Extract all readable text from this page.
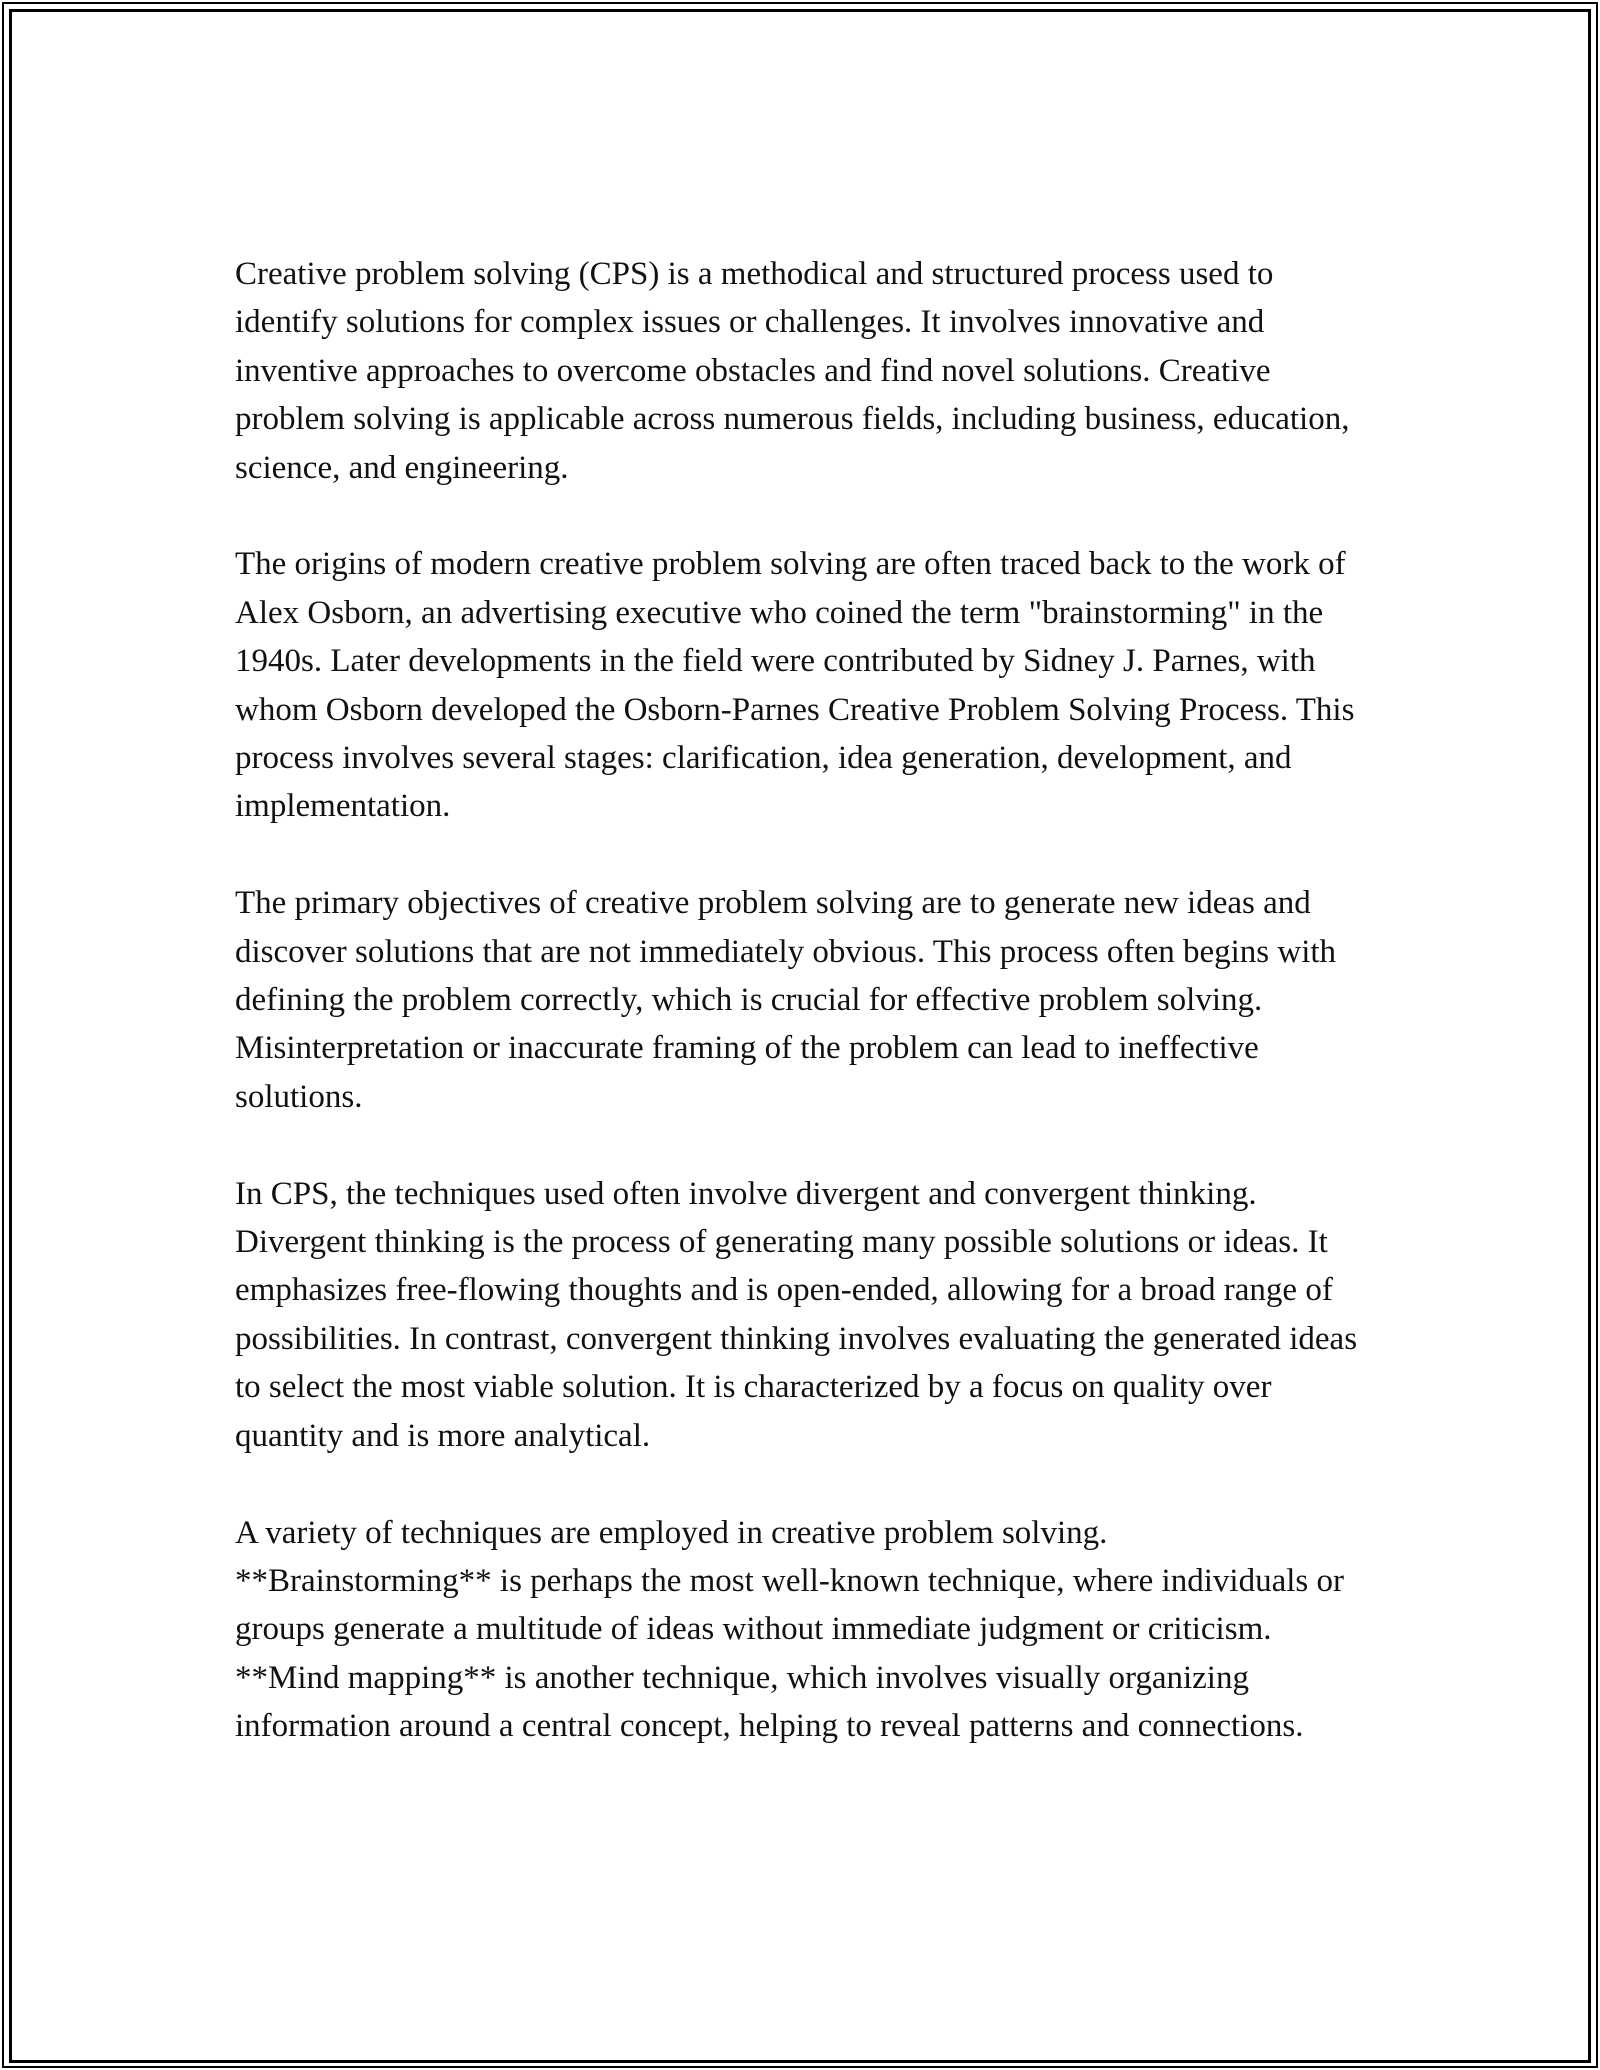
Creative problem solving (CPS) is a methodical and structured process used to identify solutions for complex issues or challenges. It involves innovative and inventive approaches to overcome obstacles and find novel solutions. Creative problem solving is applicable across numerous fields, including business, education, science, and engineering.

The origins of modern creative problem solving are often traced back to the work of Alex Osborn, an advertising executive who coined the term "brainstorming" in the 1940s. Later developments in the field were contributed by Sidney J. Parnes, with whom Osborn developed the Osborn-Parnes Creative Problem Solving Process. This process involves several stages: clarification, idea generation, development, and implementation.

The primary objectives of creative problem solving are to generate new ideas and discover solutions that are not immediately obvious. This process often begins with defining the problem correctly, which is crucial for effective problem solving. Misinterpretation or inaccurate framing of the problem can lead to ineffective solutions.

In CPS, the techniques used often involve divergent and convergent thinking. Divergent thinking is the process of generating many possible solutions or ideas. It emphasizes free-flowing thoughts and is open-ended, allowing for a broad range of possibilities. In contrast, convergent thinking involves evaluating the generated ideas to select the most viable solution. It is characterized by a focus on quality over quantity and is more analytical.

A variety of techniques are employed in creative problem solving. **Brainstorming** is perhaps the most well-known technique, where individuals or groups generate a multitude of ideas without immediate judgment or criticism. **Mind mapping** is another technique, which involves visually organizing information around a central concept, helping to reveal patterns and connections.
